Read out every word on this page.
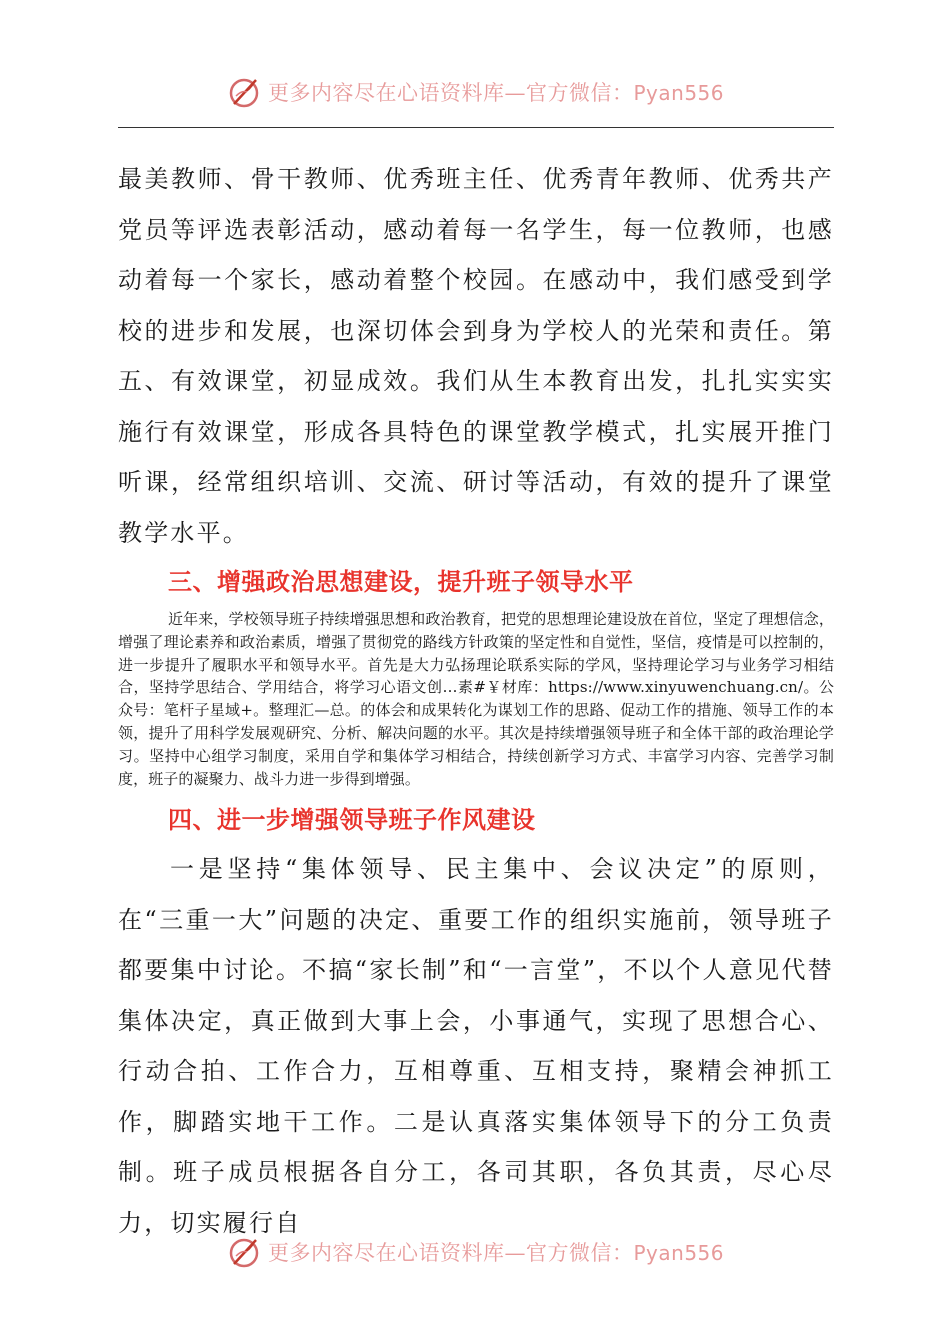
更多内容尽在心语资料库—官方微信：Pyan556

最美教师、骨干教师、优秀班主任、优秀青年教师、优秀共产党员等评选表彰活动，感动着每一名学生，每一位教师，也感动着每一个家长，感动着整个校园。在感动中，我们感受到学校的进步和发展，也深切体会到身为学校人的光荣和责任。第五、有效课堂，初显成效。我们从生本教育出发，扎扎实实实施行有效课堂，形成各具特色的课堂教学模式，扎实展开推门听课，经常组织培训、交流、研讨等活动，有效的提升了课堂教学水平。

三、增强政治思想建设，提升班子领导水平

近年来，学校领导班子持续增强思想和政治教育，把党的思想理论建设放在首位，坚定了理想信念，增强了理论素养和政治素质，增强了贯彻党的路线方针政策的坚定性和自觉性，坚信，疫情是可以控制的，进一步提升了履职水平和领导水平。首先是大力弘扬理论联系实际的学风，坚持理论学习与业务学习相结合，坚持学思结合、学用结合，将学习心语文创…素#￥材库：https://www.xinyuwenchuang.cn/。公众号：笔杆子星域+。整理汇—总。的体会和成果转化为谋划工作的思路、促动工作的措施、领导工作的本领，提升了用科学发展观研究、分析、解决问题的水平。其次是持续增强领导班子和全体干部的政治理论学习。坚持中心组学习制度，采用自学和集体学习相结合，持续创新学习方式、丰富学习内容、完善学习制度，班子的凝聚力、战斗力进一步得到增强。

四、进一步增强领导班子作风建设

一是坚持“集体领导、民主集中、会议决定”的原则，在“三重一大”问题的决定、重要工作的组织实施前，领导班子都要集中讨论。不搞“家长制”和“一言堂”，不以个人意见代替集体决定，真正做到大事上会，小事通气，实现了思想合心、行动合拍、工作合力，互相尊重、互相支持，聚精会神抓工作，脚踏实地干工作。二是认真落实集体领导下的分工负责制。班子成员根据各自分工，各司其职，各负其责，尽心尽力，切实履行自

更多内容尽在心语资料库—官方微信：Pyan556
